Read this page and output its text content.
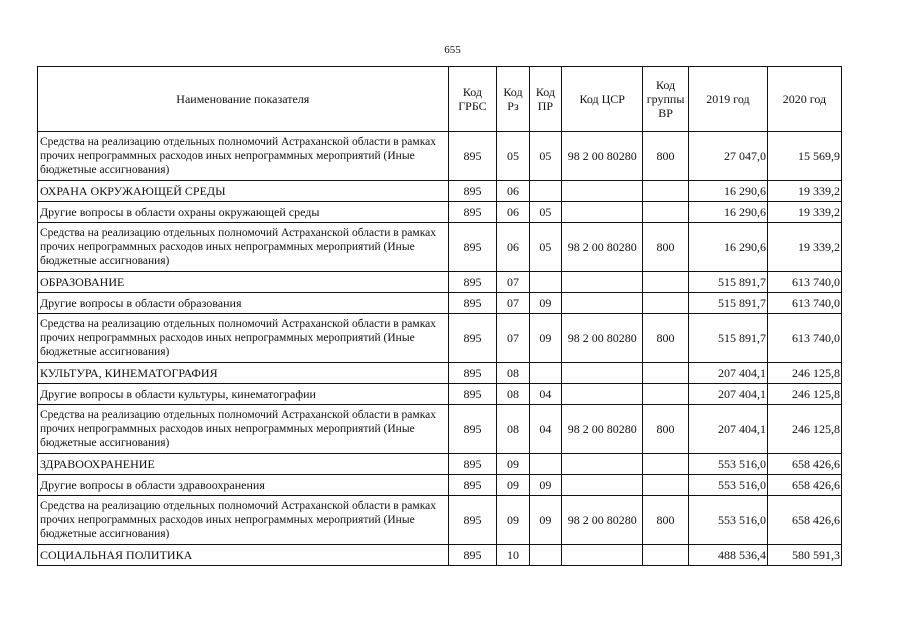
655
Наименование показателя	Код ГРБС	Код Рз	Код ПР	Код ЦСР	Код группы ВР	2019 год	2020 год
Средства на реализацию отдельных полномочий Астраханской области в рамках прочих непрограммных расходов иных непрограммных мероприятий (Иные бюджетные ассигнования)	895	05	05	98 2 00 80280	800	27 047,0	15 569,9
ОХРАНА ОКРУЖАЮЩЕЙ СРЕДЫ	895	06				16 290,6	19 339,2
Другие вопросы в области охраны окружающей среды	895	06	05			16 290,6	19 339,2
Средства на реализацию отдельных полномочий Астраханской области в рамках прочих непрограммных расходов иных непрограммных мероприятий (Иные бюджетные ассигнования)	895	06	05	98 2 00 80280	800	16 290,6	19 339,2
ОБРАЗОВАНИЕ	895	07				515 891,7	613 740,0
Другие вопросы в области образования	895	07	09			515 891,7	613 740,0
Средства на реализацию отдельных полномочий Астраханской области в рамках прочих непрограммных расходов иных непрограммных мероприятий (Иные бюджетные ассигнования)	895	07	09	98 2 00 80280	800	515 891,7	613 740,0
КУЛЬТУРА, КИНЕМАТОГРАФИЯ	895	08				207 404,1	246 125,8
Другие вопросы в области культуры, кинематографии	895	08	04			207 404,1	246 125,8
Средства на реализацию отдельных полномочий Астраханской области в рамках прочих непрограммных расходов иных непрограммных мероприятий (Иные бюджетные ассигнования)	895	08	04	98 2 00 80280	800	207 404,1	246 125,8
ЗДРАВООХРАНЕНИЕ	895	09				553 516,0	658 426,6
Другие вопросы в области здравоохранения	895	09	09			553 516,0	658 426,6
Средства на реализацию отдельных полномочий Астраханской области в рамках прочих непрограммных расходов иных непрограммных мероприятий (Иные бюджетные ассигнования)	895	09	09	98 2 00 80280	800	553 516,0	658 426,6
СОЦИАЛЬНАЯ ПОЛИТИКА	895	10				488 536,4	580 591,3
